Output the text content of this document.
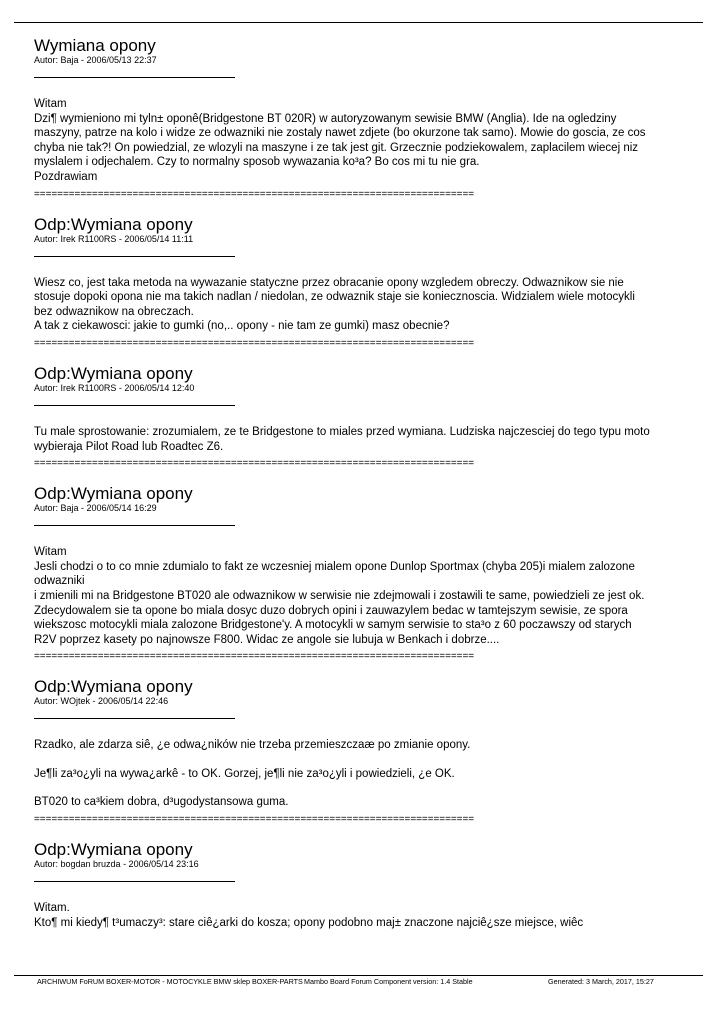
Wymiana opony
Autor: Baja - 2006/05/13 22:37
Witam
Dzi¶ wymieniono mi tyln± oponê(Bridgestone BT 020R) w autoryzowanym sewisie BMW (Anglia). Ide na ogledziny
maszyny, patrze na kolo i widze ze odwazniki nie zostaly nawet zdjete (bo okurzone tak samo). Mowie do goscia, ze cos
chyba nie tak?! On powiedzial, ze wlozyli na maszyne i ze tak jest git. Grzecznie podziekowalem, zaplacilem wiecej niz
myslalem i odjechalem. Czy to normalny sposob wywazania ko³a? Bo cos mi tu nie gra.
Pozdrawiam
============================================================================
Odp:Wymiana opony
Autor: Irek R1100RS - 2006/05/14 11:11
Wiesz co, jest taka metoda na wywazanie statyczne przez obracanie opony wzgledem obreczy. Odwaznikow sie nie
stosuje dopoki opona nie ma takich nadlan / niedolan, ze odwaznik staje sie koniecznoscia. Widzialem wiele motocykli
bez odwaznikow na obreczach.
A tak z ciekawosci: jakie to gumki (no,.. opony - nie tam ze gumki) masz obecnie?
============================================================================
Odp:Wymiana opony
Autor: Irek R1100RS - 2006/05/14 12:40
Tu male sprostowanie: zrozumialem, ze te Bridgestone to miales przed wymiana. Ludziska najczesciej do tego typu moto
wybieraja Pilot Road lub Roadtec Z6.
============================================================================
Odp:Wymiana opony
Autor: Baja - 2006/05/14 16:29
Witam
Jesli chodzi o to co mnie zdumialo to fakt ze wczesniej mialem opone Dunlop Sportmax (chyba 205)i mialem zalozone
odwazniki
i zmienili mi na Bridgestone BT020 ale odwaznikow w serwisie nie zdejmowali i zostawili te same, powiedzieli ze jest ok.
Zdecydowalem sie ta opone bo miala dosyc duzo dobrych opini i zauwazylem bedac w tamtejszym sewisie, ze spora
wiekszosc motocykli miala zalozone Bridgestone'y. A motocykli w samym serwisie to sta³o z 60 poczawszy od starych
R2V poprzez kasety po najnowsze F800. Widac ze angole sie lubuja w Benkach i dobrze....
============================================================================
Odp:Wymiana opony
Autor: WOjtek - 2006/05/14 22:46
Rzadko, ale zdarza siê, ¿e odwa¿ników nie trzeba przemieszczaæ po zmianie opony.
Je¶li za³o¿yli na wywa¿arkê - to OK. Gorzej, je¶li nie za³o¿yli i powiedzieli, ¿e OK.
BT020 to ca³kiem dobra, d³ugodystansowa guma.
============================================================================
Odp:Wymiana opony
Autor: bogdan bruzda - 2006/05/14 23:16
Witam.
Kto¶ mi kiedy¶ t³umaczy³: stare ciê¿arki do kosza; opony podobno maj± znaczone najciê¿sze miejsce, wiêc
ARCHIWUM FoRUM BOXER-MOTOR - MOTOCYKLE BMW sklep BOXER-PARTS Mambo Board Forum Component version: 1.4 Stable	Generated: 3 March, 2017, 15:27
